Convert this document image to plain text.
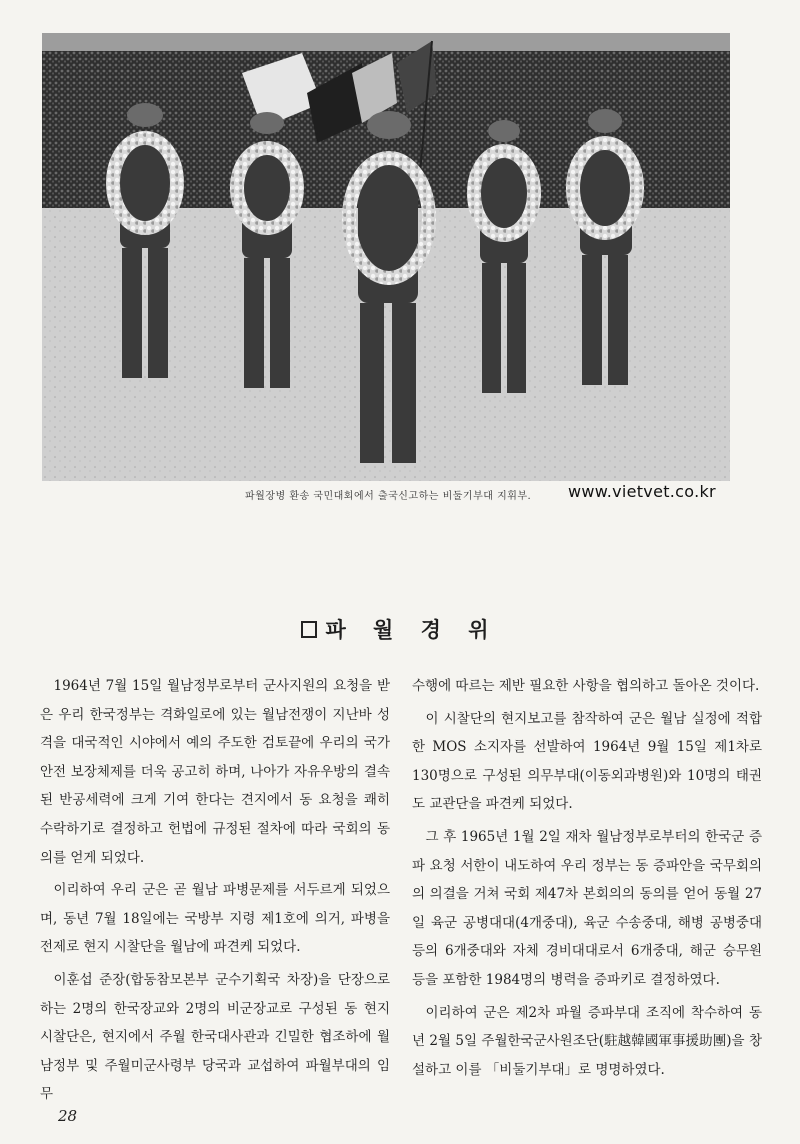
파월장병 환송 국민대회에서 출국신고하는 비둘기부대 지휘부. www.vietvet.co.kr
파 월 경 위

1964년 7월 15일 월남정부로부터 군사지원의 요청을 받은 우리 한국정부는 격화일로에 있는 월남전쟁이 지난바 성격을 대국적인 시야에서 예의 주도한 검토끝에 우리의 국가안전 보장체제를 더욱 공고히 하며, 나아가 자유우방의 결속된 반공세력에 크게 기여 한다는 견지에서 동 요청을 쾌히 수락하기로 결정하고 헌법에 규정된 절차에 따라 국회의 동의를 얻게 되었다.

이리하여 우리 군은 곧 월남 파병문제를 서두르게 되었으며, 동년 7월 18일에는 국방부 지령 제1호에 의거, 파병을 전제로 현지 시찰단을 월남에 파견케 되었다.

이훈섭 준장(합동참모본부 군수기획국 차장)을 단장으로 하는 2명의 한국장교와 2명의 비군장교로 구성된 동 현지 시찰단은, 현지에서 주월 한국대사관과 긴밀한 협조하에 월남정부 및 주월미군사령부 당국과 교섭하여 파월부대의 임무

수행에 따르는 제반 필요한 사항을 협의하고 돌아온 것이다.

이 시찰단의 현지보고를 참작하여 군은 월남 실정에 적합한 MOS 소지자를 선발하여 1964년 9월 15일 제1차로 130명으로 구성된 의무부대(이동외과병원)와 10명의 태권도 교관단을 파견케 되었다.

그 후 1965년 1월 2일 재차 월남정부로부터의 한국군 증파 요청 서한이 내도하여 우리 정부는 동 증파안을 국무회의의 의결을 거쳐 국회 제47차 본회의의 동의를 얻어 동월 27일 육군 공병대대(4개중대), 육군 수송중대, 해병 공병중대 등의 6개중대와 자체 경비대대로서 6개중대, 해군 승무원 등을 포함한 1984명의 병력을 증파키로 결정하였다.

이리하여 군은 제2차 파월 증파부대 조직에 착수하여 동년 2월 5일 주월한국군사원조단(駐越韓國軍事援助團)을 창설하고 이를 「비둘기부대」로 명명하였다.

28
